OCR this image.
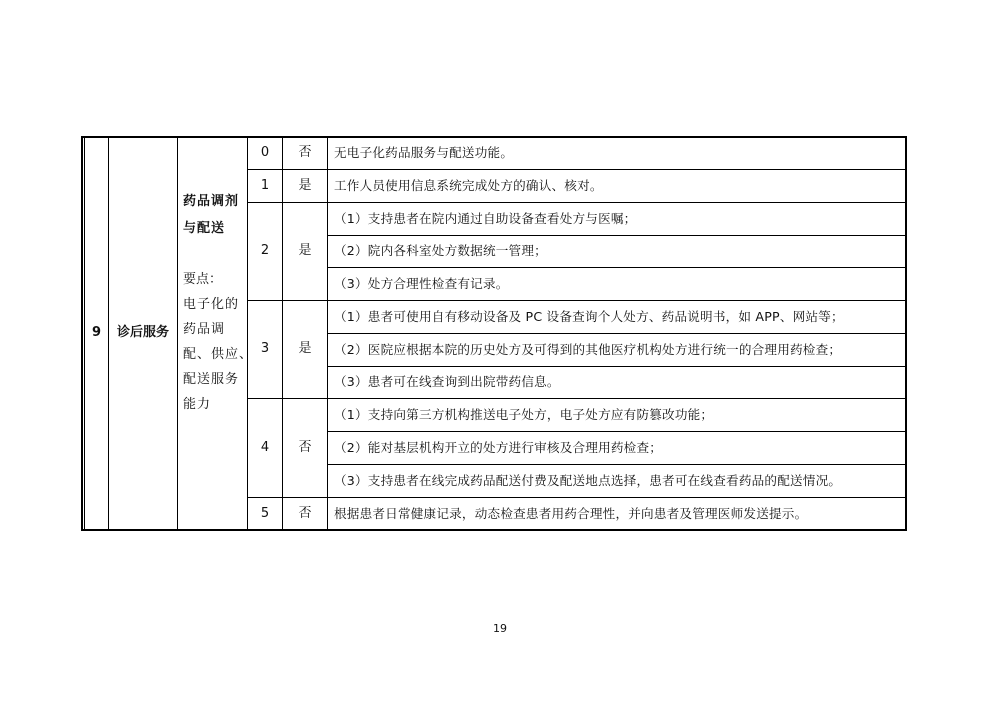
9	诊后服务
药品调剂
与配送
要点：
电子化的
药品调
配、供应、
配送服务
能力
0	否	无电子化药品服务与配送功能。
1	是	工作人员使用信息系统完成处方的确认、核对。
2	是
（1）支持患者在院内通过自助设备查看处方与医嘱；
（2）院内各科室处方数据统一管理；
（3）处方合理性检查有记录。
3	是
（1）患者可使用自有移动设备及 PC 设备查询个人处方、药品说明书，如 APP、网站等；
（2）医院应根据本院的历史处方及可得到的其他医疗机构处方进行统一的合理用药检查；
（3）患者可在线查询到出院带药信息。
4	否
（1）支持向第三方机构推送电子处方，电子处方应有防篡改功能；
（2）能对基层机构开立的处方进行审核及合理用药检查；
（3）支持患者在线完成药品配送付费及配送地点选择，患者可在线查看药品的配送情况。
5	否	根据患者日常健康记录，动态检查患者用药合理性，并向患者及管理医师发送提示。
19
